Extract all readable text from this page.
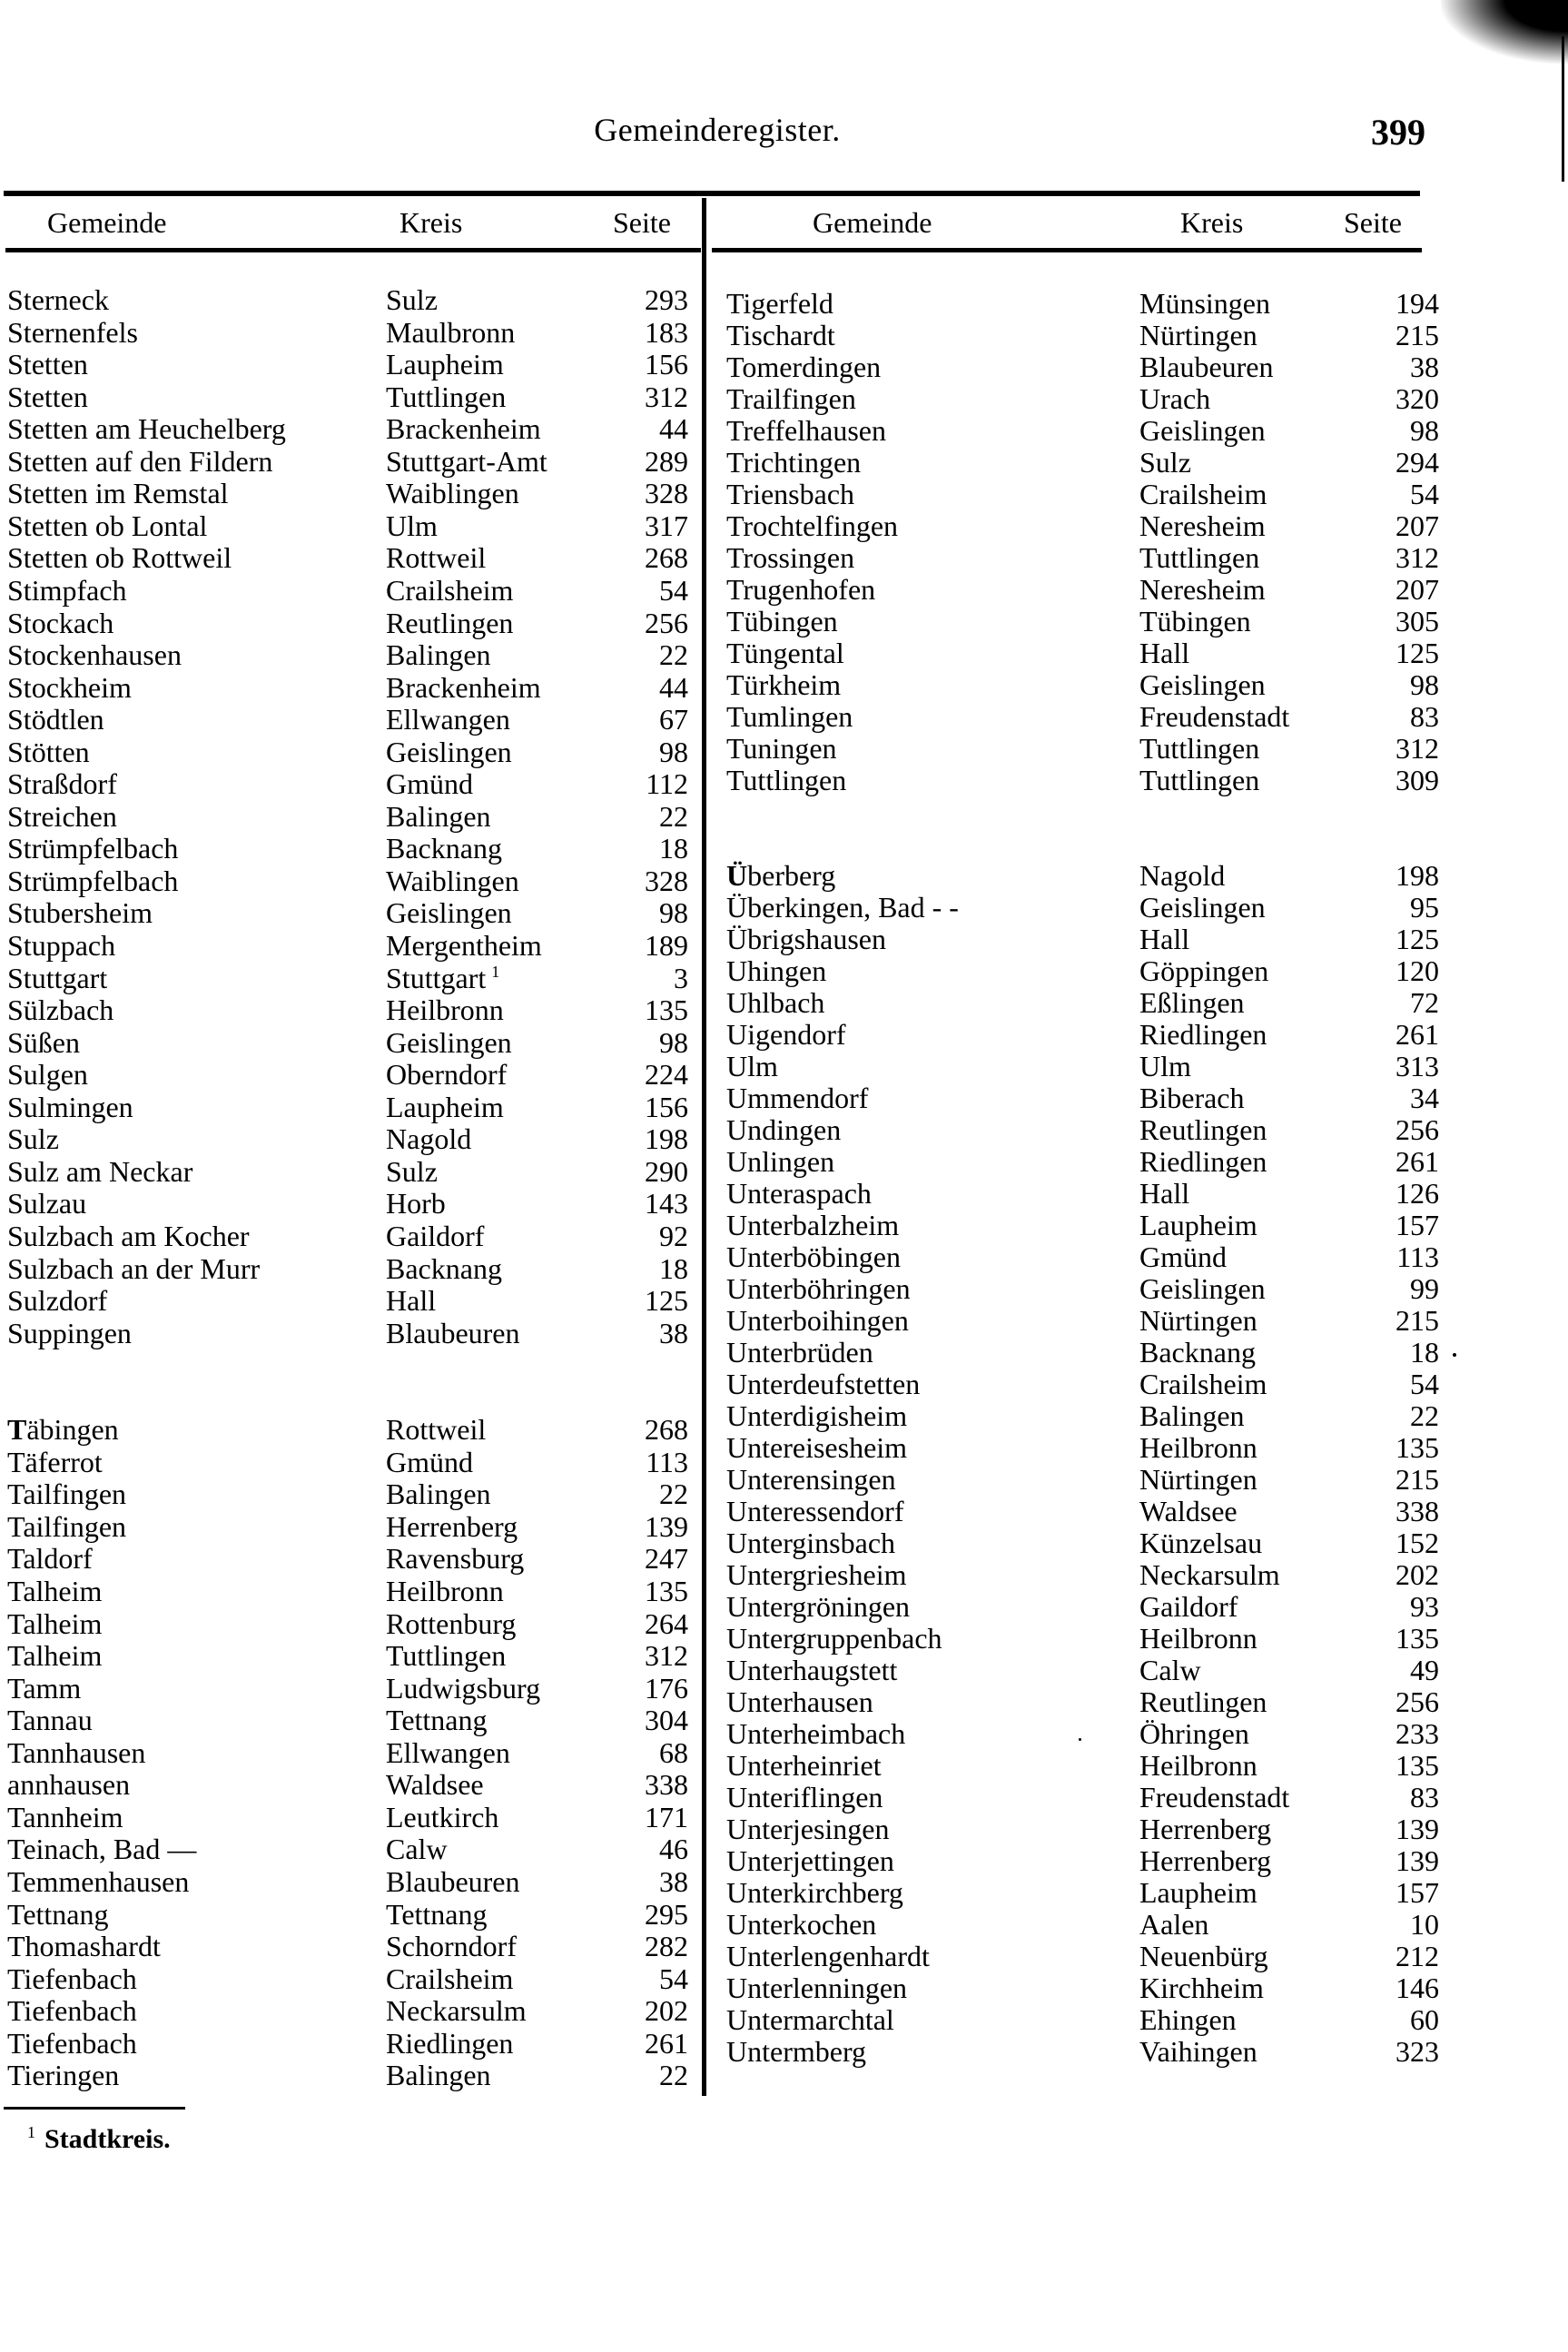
Gemeinderegister.	399
Gemeinde	Kreis	Seite	Gemeinde	Kreis	Seite
Sterneck	Sulz	293
Sternenfels	Maulbronn	183
Stetten	Laupheim	156
Stetten	Tuttlingen	312
Stetten am Heuchelberg	Brackenheim	44
Stetten auf den Fildern	Stuttgart-Amt	289
Stetten im Remstal	Waiblingen	328
Stetten ob Lontal	Ulm	317
Stetten ob Rottweil	Rottweil	268
Stimpfach	Crailsheim	54
Stockach	Reutlingen	256
Stockenhausen	Balingen	22
Stockheim	Brackenheim	44
Stödtlen	Ellwangen	67
Stötten	Geislingen	98
Straßdorf	Gmünd	112
Streichen	Balingen	22
Strümpfelbach	Backnang	18
Strümpfelbach	Waiblingen	328
Stubersheim	Geislingen	98
Stuppach	Mergentheim	189
Stuttgart	Stuttgart $^1$	3
Sülzbach	Heilbronn	135
Süßen	Geislingen	98
Sulgen	Oberndorf	224
Sulmingen	Laupheim	156
Sulz	Nagold	198
Sulz am Neckar	Sulz	290
Sulzau	Horb	143
Sulzbach am Kocher	Gaildorf	92
Sulzbach an der Murr	Backnang	18
Sulzdorf	Hall	125
Suppingen	Blaubeuren	38
Täbingen	Rottweil	268
Täferrot	Gmünd	113
Tailfingen	Balingen	22
Tailfingen	Herrenberg	139
Taldorf	Ravensburg	247
Talheim	Heilbronn	135
Talheim	Rottenburg	264
Talheim	Tuttlingen	312
Tamm	Ludwigsburg	176
Tannau	Tettnang	304
Tannhausen	Ellwangen	68
annhausen	Waldsee	338
Tannheim	Leutkirch	171
Teinach, Bad —	Calw	46
Temmenhausen	Blaubeuren	38
Tettnang	Tettnang	295
Thomashardt	Schorndorf	282
Tiefenbach	Crailsheim	54
Tiefenbach	Neckarsulm	202
Tiefenbach	Riedlingen	261
Tieringen	Balingen	22
Tigerfeld	Münsingen	194
Tischardt	Nürtingen	215
Tomerdingen	Blaubeuren	38
Trailfingen	Urach	320
Treffelhausen	Geislingen	98
Trichtingen	Sulz	294
Triensbach	Crailsheim	54
Trochtelfingen	Neresheim	207
Trossingen	Tuttlingen	312
Trugenhofen	Neresheim	207
Tübingen	Tübingen	305
Tüngental	Hall	125
Türkheim	Geislingen	98
Tumlingen	Freudenstadt	83
Tuningen	Tuttlingen	312
Tuttlingen	Tuttlingen	309
Überberg	Nagold	198
Überkingen, Bad - -	Geislingen	95
Übrigshausen	Hall	125
Uhingen	Göppingen	120
Uhlbach	Eßlingen	72
Uigendorf	Riedlingen	261
Ulm	Ulm	313
Ummendorf	Biberach	34
Undingen	Reutlingen	256
Unlingen	Riedlingen	261
Unteraspach	Hall	126
Unterbalzheim	Laupheim	157
Unterböbingen	Gmünd	113
Unterböhringen	Geislingen	99
Unterboihingen	Nürtingen	215
Unterbrüden	Backnang	18
Unterdeufstetten	Crailsheim	54
Unterdigisheim	Balingen	22
Untereisesheim	Heilbronn	135
Unterensingen	Nürtingen	215
Unteressendorf	Waldsee	338
Unterginsbach	Künzelsau	152
Untergriesheim	Neckarsulm	202
Untergröningen	Gaildorf	93
Untergruppenbach	Heilbronn	135
Unterhaugstett	Calw	49
Unterhausen	Reutlingen	256
Unterheimbach	Öhringen	233
Unterheinriet	Heilbronn	135
Unteriflingen	Freudenstadt	83
Unterjesingen	Herrenberg	139
Unterjettingen	Herrenberg	139
Unterkirchberg	Laupheim	157
Unterkochen	Aalen	10
Unterlengenhardt	Neuenbürg	212
Unterlenningen	Kirchheim	146
Untermarchtal	Ehingen	60
Untermberg	Vaihingen	323
$^1$ Stadtkreis.
